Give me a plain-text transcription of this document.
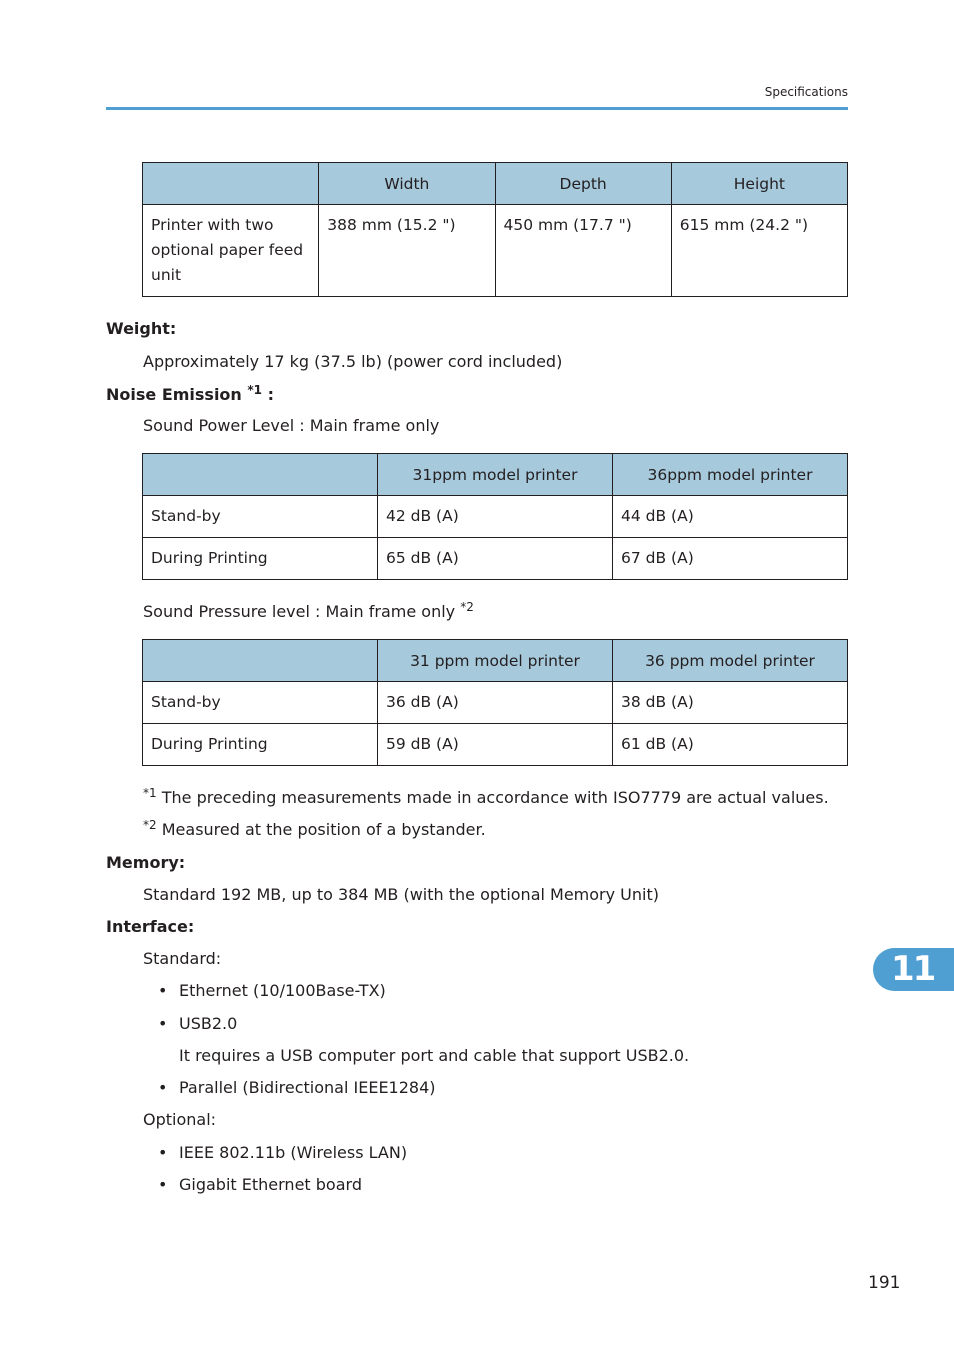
Specifications
	Width	Depth	Height
Printer with two optional paper feed unit	388 mm (15.2 ")	450 mm (17.7 ")	615 mm (24.2 ")
Weight:
Approximately 17 kg (37.5 lb) (power cord included)
Noise Emission $^{*1}$ :
Sound Power Level : Main frame only
	31ppm model printer	36ppm model printer
Stand-by	42 dB (A)	44 dB (A)
During Printing	65 dB (A)	67 dB (A)
Sound Pressure level : Main frame only $^{*2}$
	31 ppm model printer	36 ppm model printer
Stand-by	36 dB (A)	38 dB (A)
During Printing	59 dB (A)	61 dB (A)
$^{*1}$ The preceding measurements made in accordance with ISO7779 are actual values.
$^{*2}$ Measured at the position of a bystander.
Memory:
Standard 192 MB, up to 384 MB (with the optional Memory Unit)
Interface:
Standard:
• Ethernet (10/100Base-TX)
• USB2.0
It requires a USB computer port and cable that support USB2.0.
• Parallel (Bidirectional IEEE1284)
Optional:
• IEEE 802.11b (Wireless LAN)
• Gigabit Ethernet board
11
191
